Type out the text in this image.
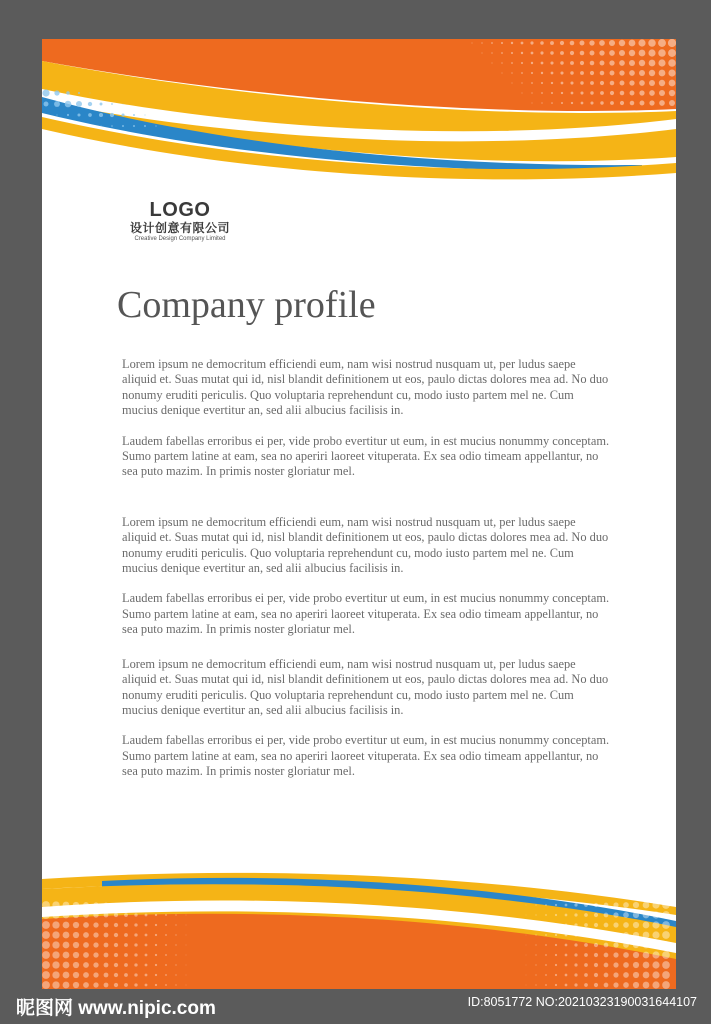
LOGO
设计创意有限公司
Creative Design Company Limited
Company profile

Lorem ipsum ne democritum efficiendi eum, nam wisi nostrud nusquam ut, per ludus saepe aliquid et. Suas mutat qui id, nisl blandit definitionem ut eos, paulo dictas dolores mea ad. No duo nonumy eruditi periculis. Quo voluptaria reprehendunt cu, modo iusto partem mel ne. Cum mucius denique evertitur an, sed alii albucius facilisis in.

Laudem fabellas erroribus ei per, vide probo evertitur ut eum, in est mucius nonummy conceptam. Sumo partem latine at eam, sea no aperiri laoreet vituperata. Ex sea odio timeam appellantur, no sea puto mazim. In primis noster gloriatur mel.

Lorem ipsum ne democritum efficiendi eum, nam wisi nostrud nusquam ut, per ludus saepe aliquid et. Suas mutat qui id, nisl blandit definitionem ut eos, paulo dictas dolores mea ad. No duo nonumy eruditi periculis. Quo voluptaria reprehendunt cu, modo iusto partem mel ne. Cum mucius denique evertitur an, sed alii albucius facilisis in.

Laudem fabellas erroribus ei per, vide probo evertitur ut eum, in est mucius nonummy conceptam. Sumo partem latine at eam, sea no aperiri laoreet vituperata. Ex sea odio timeam appellantur, no sea puto mazim. In primis noster gloriatur mel.

Lorem ipsum ne democritum efficiendi eum, nam wisi nostrud nusquam ut, per ludus saepe aliquid et. Suas mutat qui id, nisl blandit definitionem ut eos, paulo dictas dolores mea ad. No duo nonumy eruditi periculis. Quo voluptaria reprehendunt cu, modo iusto partem mel ne. Cum mucius denique evertitur an, sed alii albucius facilisis in.

Laudem fabellas erroribus ei per, vide probo evertitur ut eum, in est mucius nonummy conceptam. Sumo partem latine at eam, sea no aperiri laoreet vituperata. Ex sea odio timeam appellantur, no sea puto mazim. In primis noster gloriatur mel.

昵图网 www.nipic.com	ID:8051772 NO:20210323190031644107
